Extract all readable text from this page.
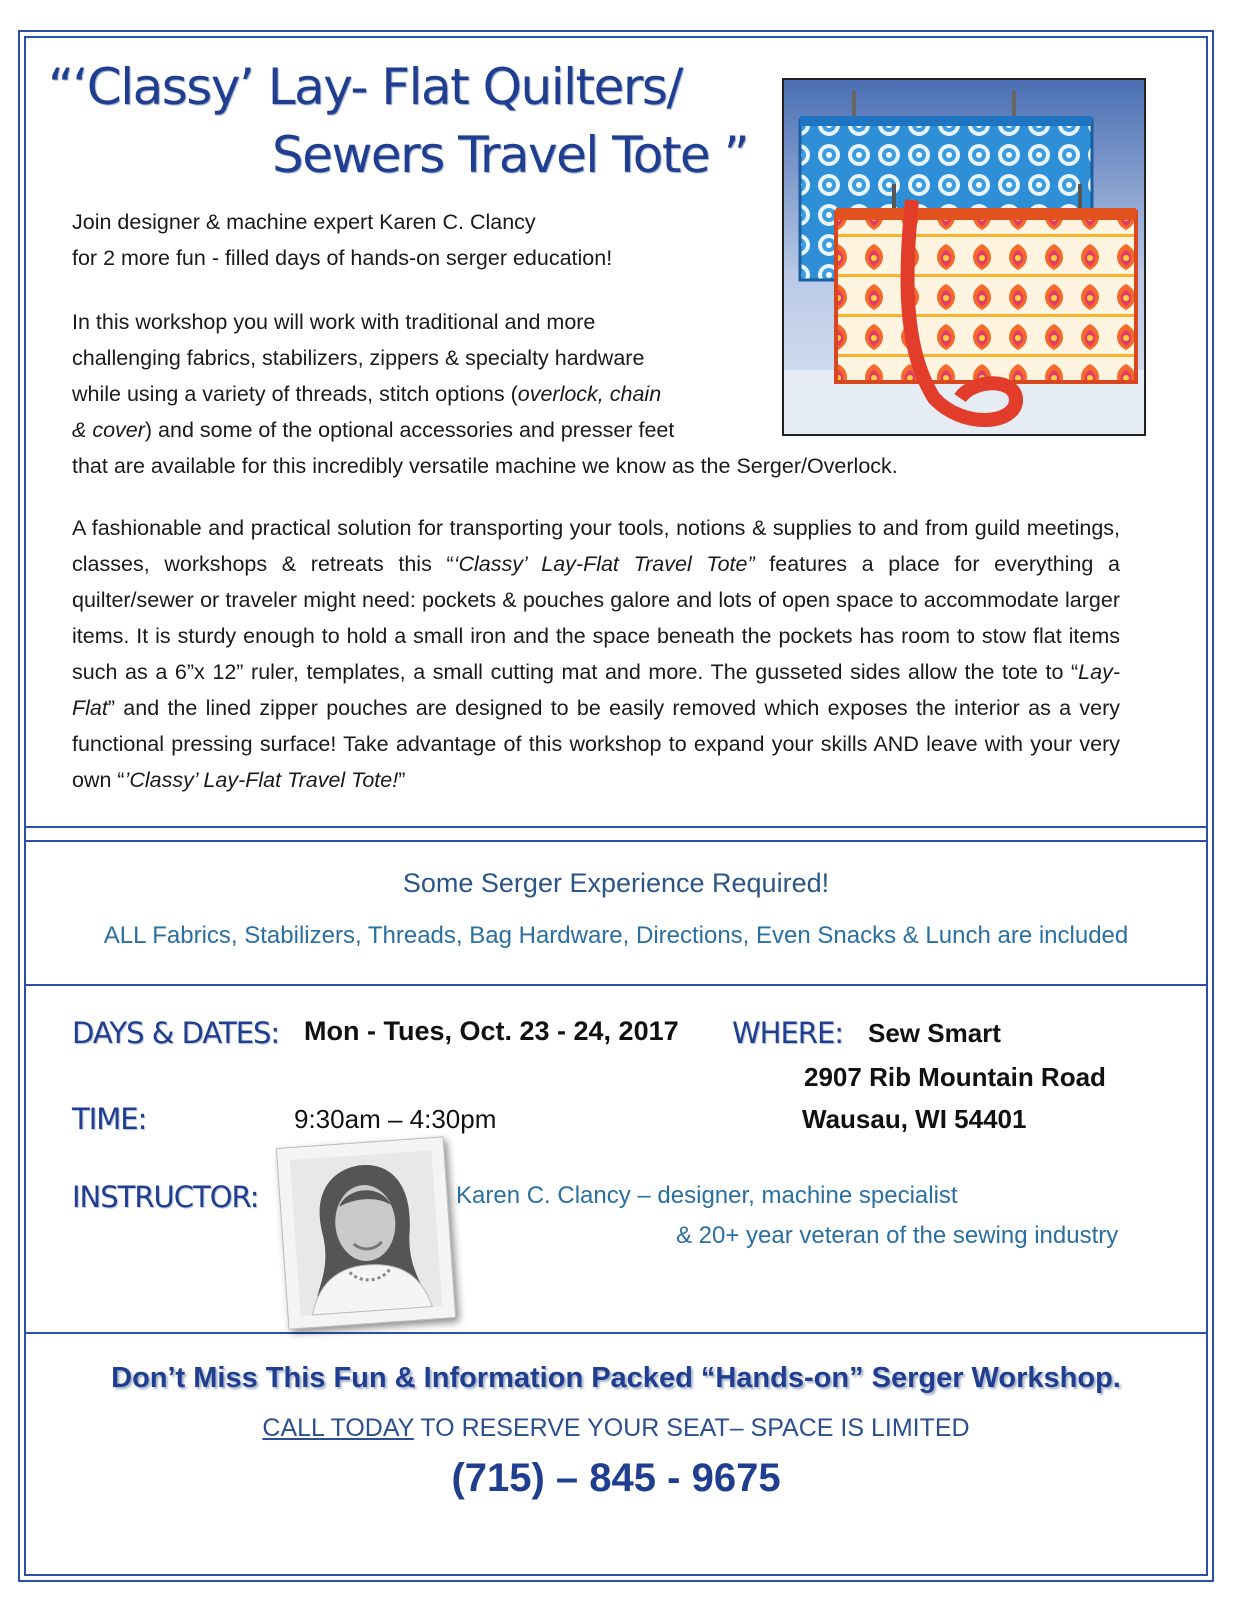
“‘Classy’ Lay- Flat Quilters/
Sewers Travel Tote ”
Join designer & machine expert Karen C. Clancy
for 2 more fun - filled days of hands-on serger education!
In this workshop you will work with traditional and more
challenging fabrics, stabilizers, zippers & specialty hardware
while using a variety of threads, stitch options (overlock, chain
& cover) and some of the optional accessories and presser feet
that are available for this incredibly versatile machine we know as the Serger/Overlock.

A fashionable and practical solution for transporting your tools, notions & supplies to and from guild meetings, classes, workshops & retreats this “‘Classy’ Lay-Flat Travel Tote” features a place for everything a quilter/sewer or traveler might need: pockets & pouches galore and lots of open space to accommodate larger items. It is sturdy enough to hold a small iron and the space beneath the pockets has room to stow flat items such as a 6”x 12” ruler, templates, a small cutting mat and more. The gusseted sides allow the tote to “Lay-Flat” and the lined zipper pouches are designed to be easily removed which exposes the interior as a very functional pressing surface! Take advantage of this workshop to expand your skills AND leave with your very own “’Classy’ Lay-Flat Travel Tote!”

Some Serger Experience Required!

ALL Fabrics, Stabilizers, Threads, Bag Hardware, Directions, Even Snacks & Lunch are included

DAYS & DATES: Mon - Tues, Oct. 23 - 24, 2017 WHERE: Sew Smart
2907 Rib Mountain Road
Wausau, WI 54401
TIME:	9:30am – 4:30pm
INSTRUCTOR:	Karen C. Clancy – designer, machine specialist
& 20+ year veteran of the sewing industry

Don’t Miss This Fun & Information Packed “Hands-on” Serger Workshop.

CALL TODAY TO RESERVE YOUR SEAT– SPACE IS LIMITED

(715) – 845 - 9675
